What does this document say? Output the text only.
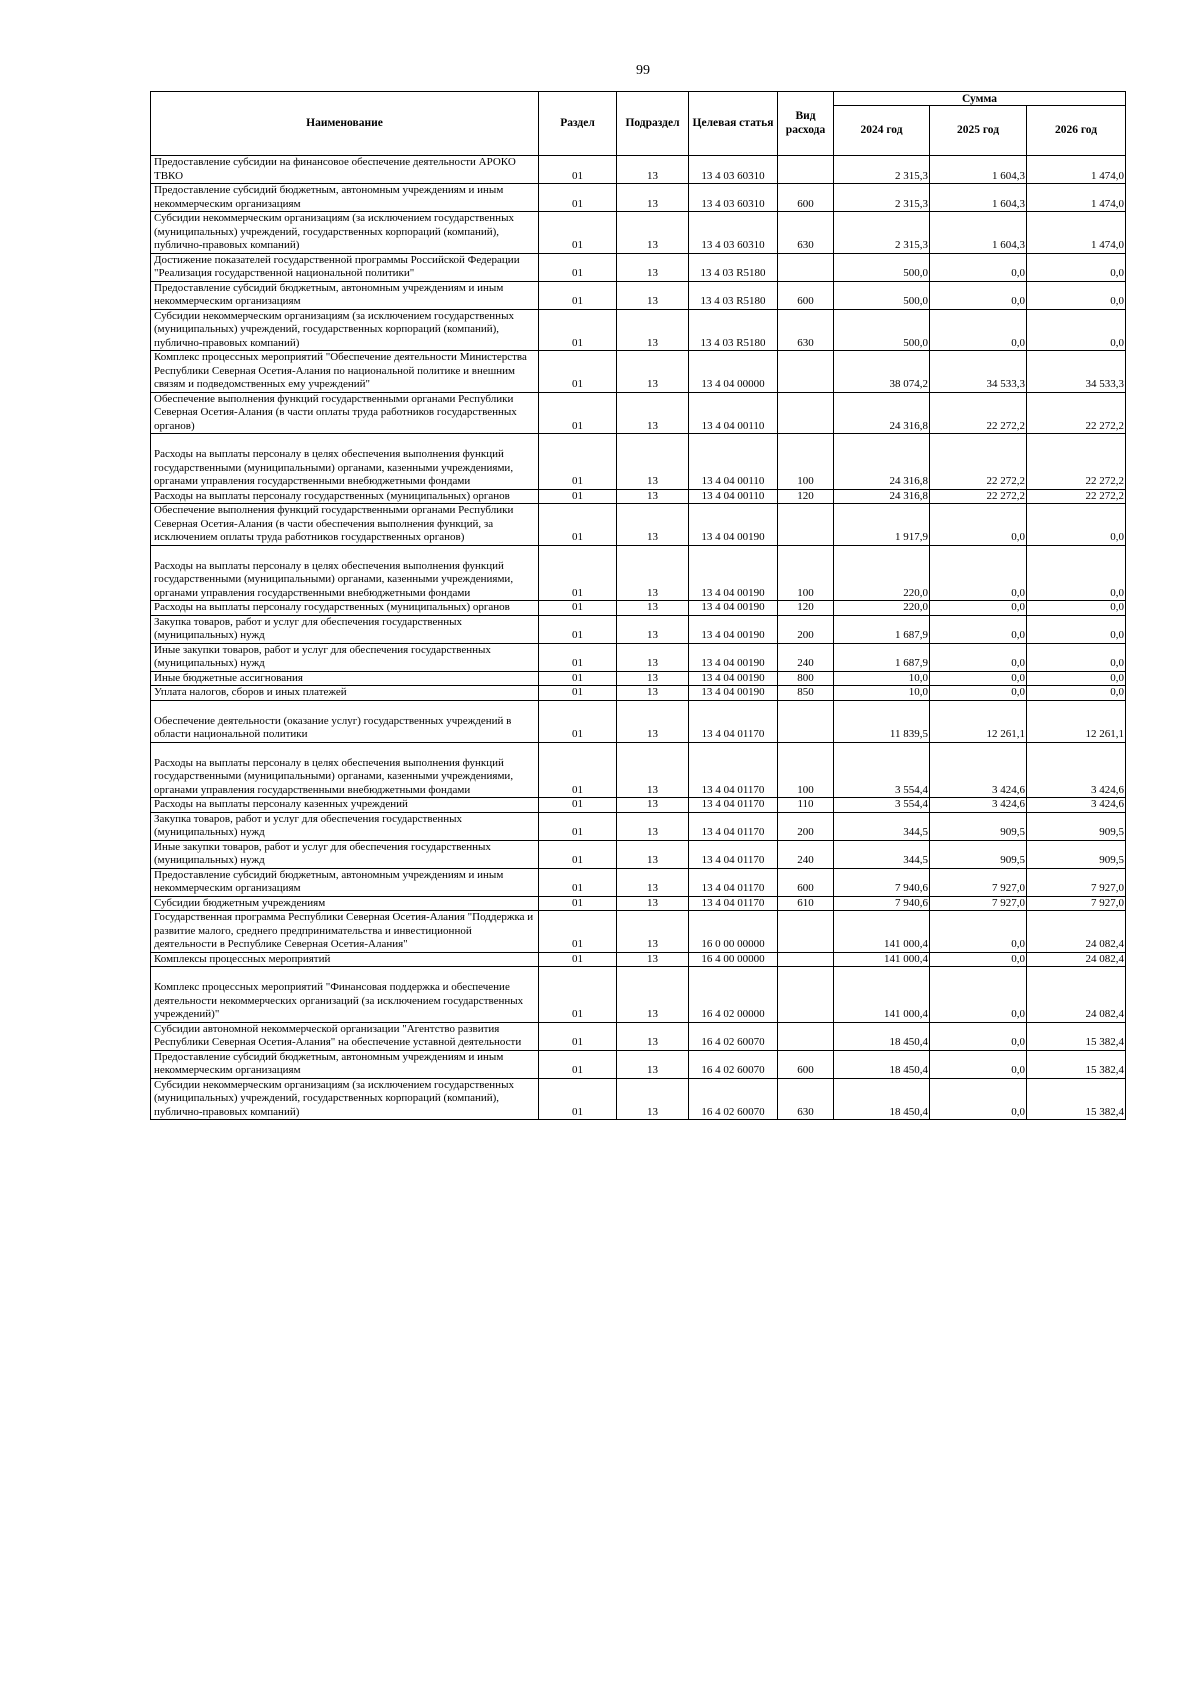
99
Наименование	Раздел	Подраздел	Целевая статья	Вид расхода	Сумма		
					2024 год	2025 год	2026 год
Предоставление субсидии на финансовое обеспечение деятельности АРОКО ТВКО	01	13	13 4 03 60310		2 315,3	1 604,3	1 474,0
Предоставление субсидий бюджетным, автономным учреждениям и иным некоммерческим организациям	01	13	13 4 03 60310	600	2 315,3	1 604,3	1 474,0
Субсидии некоммерческим организациям (за исключением государственных (муниципальных) учреждений, государственных корпораций (компаний), публично-правовых компаний)	01	13	13 4 03 60310	630	2 315,3	1 604,3	1 474,0
Достижение показателей государственной программы Российской Федерации "Реализация государственной национальной политики"	01	13	13 4 03 R5180		500,0	0,0	0,0
Предоставление субсидий бюджетным, автономным учреждениям и иным некоммерческим организациям	01	13	13 4 03 R5180	600	500,0	0,0	0,0
Субсидии некоммерческим организациям (за исключением государственных (муниципальных) учреждений, государственных корпораций (компаний), публично-правовых компаний)	01	13	13 4 03 R5180	630	500,0	0,0	0,0
Комплекс процессных мероприятий "Обеспечение деятельности Министерства Республики Северная Осетия-Алания по национальной политике и внешним связям и подведомственных ему учреждений"	01	13	13 4 04 00000		38 074,2	34 533,3	34 533,3
Обеспечение выполнения функций государственными органами Республики Северная Осетия-Алания (в части оплаты труда работников государственных органов)	01	13	13 4 04 00110		24 316,8	22 272,2	22 272,2
Расходы на выплаты персоналу в целях обеспечения выполнения функций государственными (муниципальными) органами, казенными учреждениями, органами управления государственными внебюджетными фондами	01	13	13 4 04 00110	100	24 316,8	22 272,2	22 272,2
Расходы на выплаты персоналу государственных (муниципальных) органов	01	13	13 4 04 00110	120	24 316,8	22 272,2	22 272,2
Обеспечение выполнения функций государственными органами Республики Северная Осетия-Алания (в части обеспечения выполнения функций, за исключением оплаты труда работников государственных органов)	01	13	13 4 04 00190		1 917,9	0,0	0,0
Расходы на выплаты персоналу в целях обеспечения выполнения функций государственными (муниципальными) органами, казенными учреждениями, органами управления государственными внебюджетными фондами	01	13	13 4 04 00190	100	220,0	0,0	0,0
Расходы на выплаты персоналу государственных (муниципальных) органов	01	13	13 4 04 00190	120	220,0	0,0	0,0
Закупка товаров, работ и услуг для обеспечения государственных (муниципальных) нужд	01	13	13 4 04 00190	200	1 687,9	0,0	0,0
Иные закупки товаров, работ и услуг для обеспечения государственных (муниципальных) нужд	01	13	13 4 04 00190	240	1 687,9	0,0	0,0
Иные бюджетные ассигнования	01	13	13 4 04 00190	800	10,0	0,0	0,0
Уплата налогов, сборов и иных платежей	01	13	13 4 04 00190	850	10,0	0,0	0,0
Обеспечение деятельности (оказание услуг) государственных учреждений в области национальной политики	01	13	13 4 04 01170		11 839,5	12 261,1	12 261,1
Расходы на выплаты персоналу в целях обеспечения выполнения функций государственными (муниципальными) органами, казенными учреждениями, органами управления государственными внебюджетными фондами	01	13	13 4 04 01170	100	3 554,4	3 424,6	3 424,6
Расходы на выплаты персоналу казенных учреждений	01	13	13 4 04 01170	110	3 554,4	3 424,6	3 424,6
Закупка товаров, работ и услуг для обеспечения государственных (муниципальных) нужд	01	13	13 4 04 01170	200	344,5	909,5	909,5
Иные закупки товаров, работ и услуг для обеспечения государственных (муниципальных) нужд	01	13	13 4 04 01170	240	344,5	909,5	909,5
Предоставление субсидий бюджетным, автономным учреждениям и иным некоммерческим организациям	01	13	13 4 04 01170	600	7 940,6	7 927,0	7 927,0
Субсидии бюджетным учреждениям	01	13	13 4 04 01170	610	7 940,6	7 927,0	7 927,0
Государственная программа Республики Северная Осетия-Алания "Поддержка и развитие малого, среднего предпринимательства и инвестиционной деятельности в Республике Северная Осетия-Алания"	01	13	16 0 00 00000		141 000,4	0,0	24 082,4
Комплексы процессных мероприятий	01	13	16 4 00 00000		141 000,4	0,0	24 082,4
Комплекс процессных мероприятий "Финансовая поддержка и обеспечение деятельности некоммерческих организаций (за исключением государственных учреждений)"	01	13	16 4 02 00000		141 000,4	0,0	24 082,4
Субсидии автономной некоммерческой организации "Агентство развития Республики Северная Осетия-Алания" на обеспечение уставной деятельности	01	13	16 4 02 60070		18 450,4	0,0	15 382,4
Предоставление субсидий бюджетным, автономным учреждениям и иным некоммерческим организациям	01	13	16 4 02 60070	600	18 450,4	0,0	15 382,4
Субсидии некоммерческим организациям (за исключением государственных (муниципальных) учреждений, государственных корпораций (компаний), публично-правовых компаний)	01	13	16 4 02 60070	630	18 450,4	0,0	15 382,4
